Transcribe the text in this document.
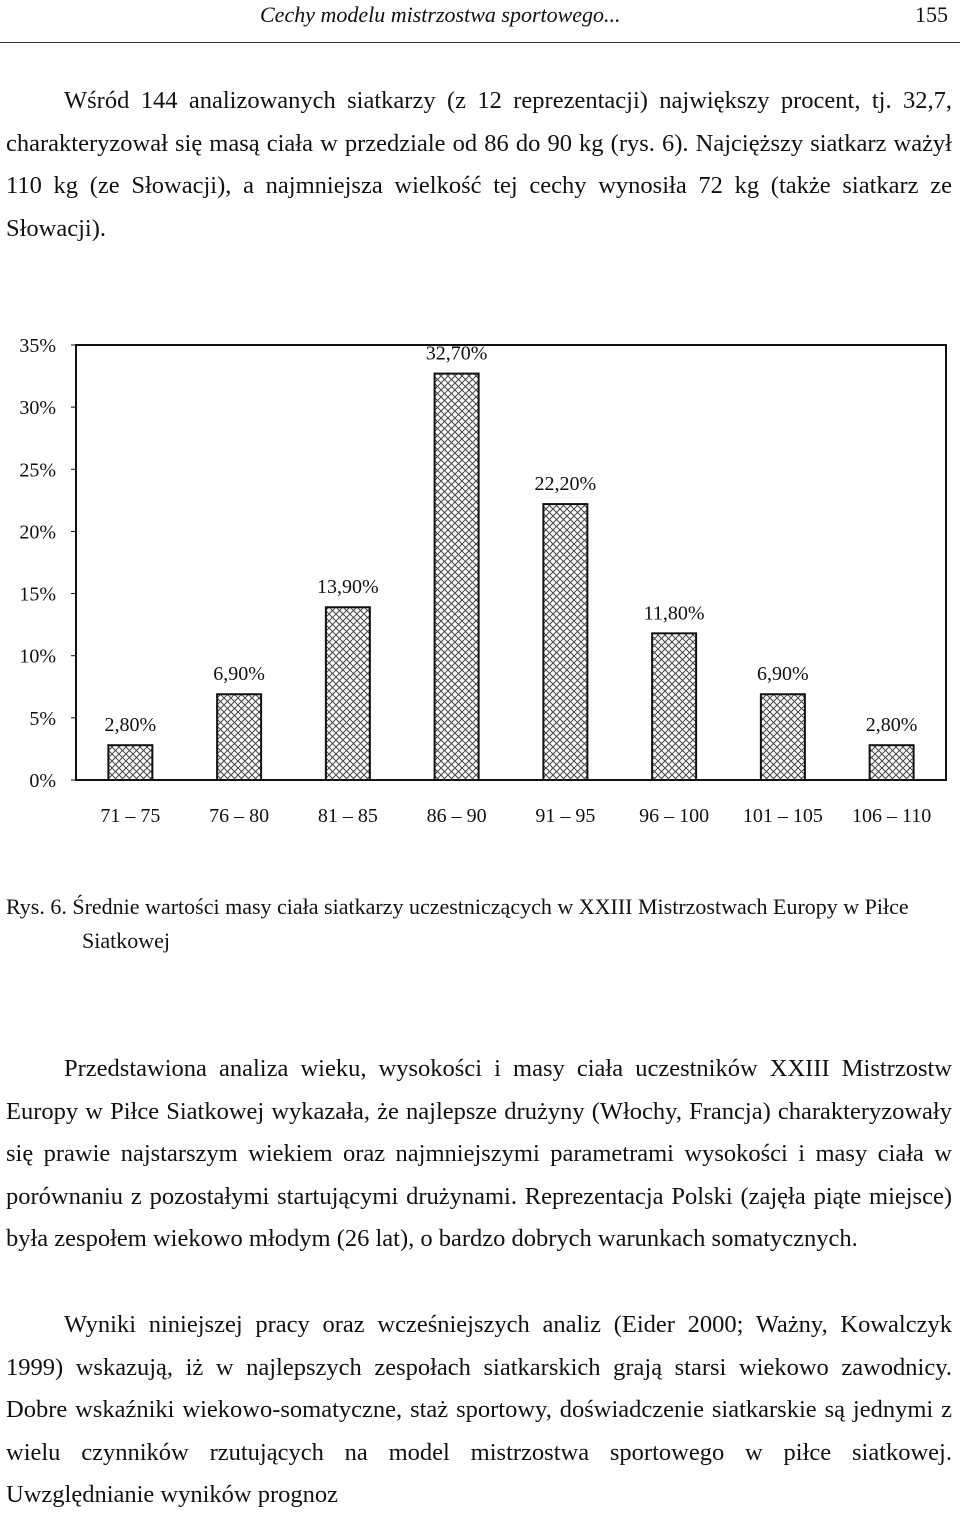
Cechy modelu mistrzostwa sportowego...	155

Wśród 144 analizowanych siatkarzy (z 12 reprezentacji) największy procent, tj. 32,7, charakteryzował się masą ciała w przedziale od 86 do 90 kg (rys. 6). Najcięższy siatkarz ważył 110 kg (ze Słowacji), a najmniejsza wielkość tej cechy wynosiła 72 kg (także siatkarz ze Słowacji).

0%
5%
10%
15%
20%
25%
30%
35%
2,80%
6,90%
13,90%
32,70%
22,20%
11,80%
6,90%
2,80%
71 – 75 76 – 80 81 – 85 86 – 90 91 – 95 96 – 100 101 – 105 106 – 110

Rys. 6. Średnie wartości masy ciała siatkarzy uczestniczących w XXIII Mistrzostwach Europy w Piłce Siatkowej

Przedstawiona analiza wieku, wysokości i masy ciała uczestników XXIII Mistrzostw Europy w Piłce Siatkowej wykazała, że najlepsze drużyny (Włochy, Francja) charakteryzowały się prawie najstarszym wiekiem oraz najmniejszymi parametrami wysokości i masy ciała w porównaniu z pozostałymi startującymi drużynami. Reprezentacja Polski (zajęła piąte miejsce) była zespołem wiekowo młodym (26 lat), o bardzo dobrych warunkach somatycznych.

Wyniki niniejszej pracy oraz wcześniejszych analiz (Eider 2000; Ważny, Kowalczyk 1999) wskazują, iż w najlepszych zespołach siatkarskich grają starsi wiekowo zawodnicy. Dobre wskaźniki wiekowo-somatyczne, staż sportowy, doświadczenie siatkarskie są jednymi z wielu czynników rzutujących na model mistrzostwa sportowego w piłce siatkowej. Uwzględnianie wyników prognoz
